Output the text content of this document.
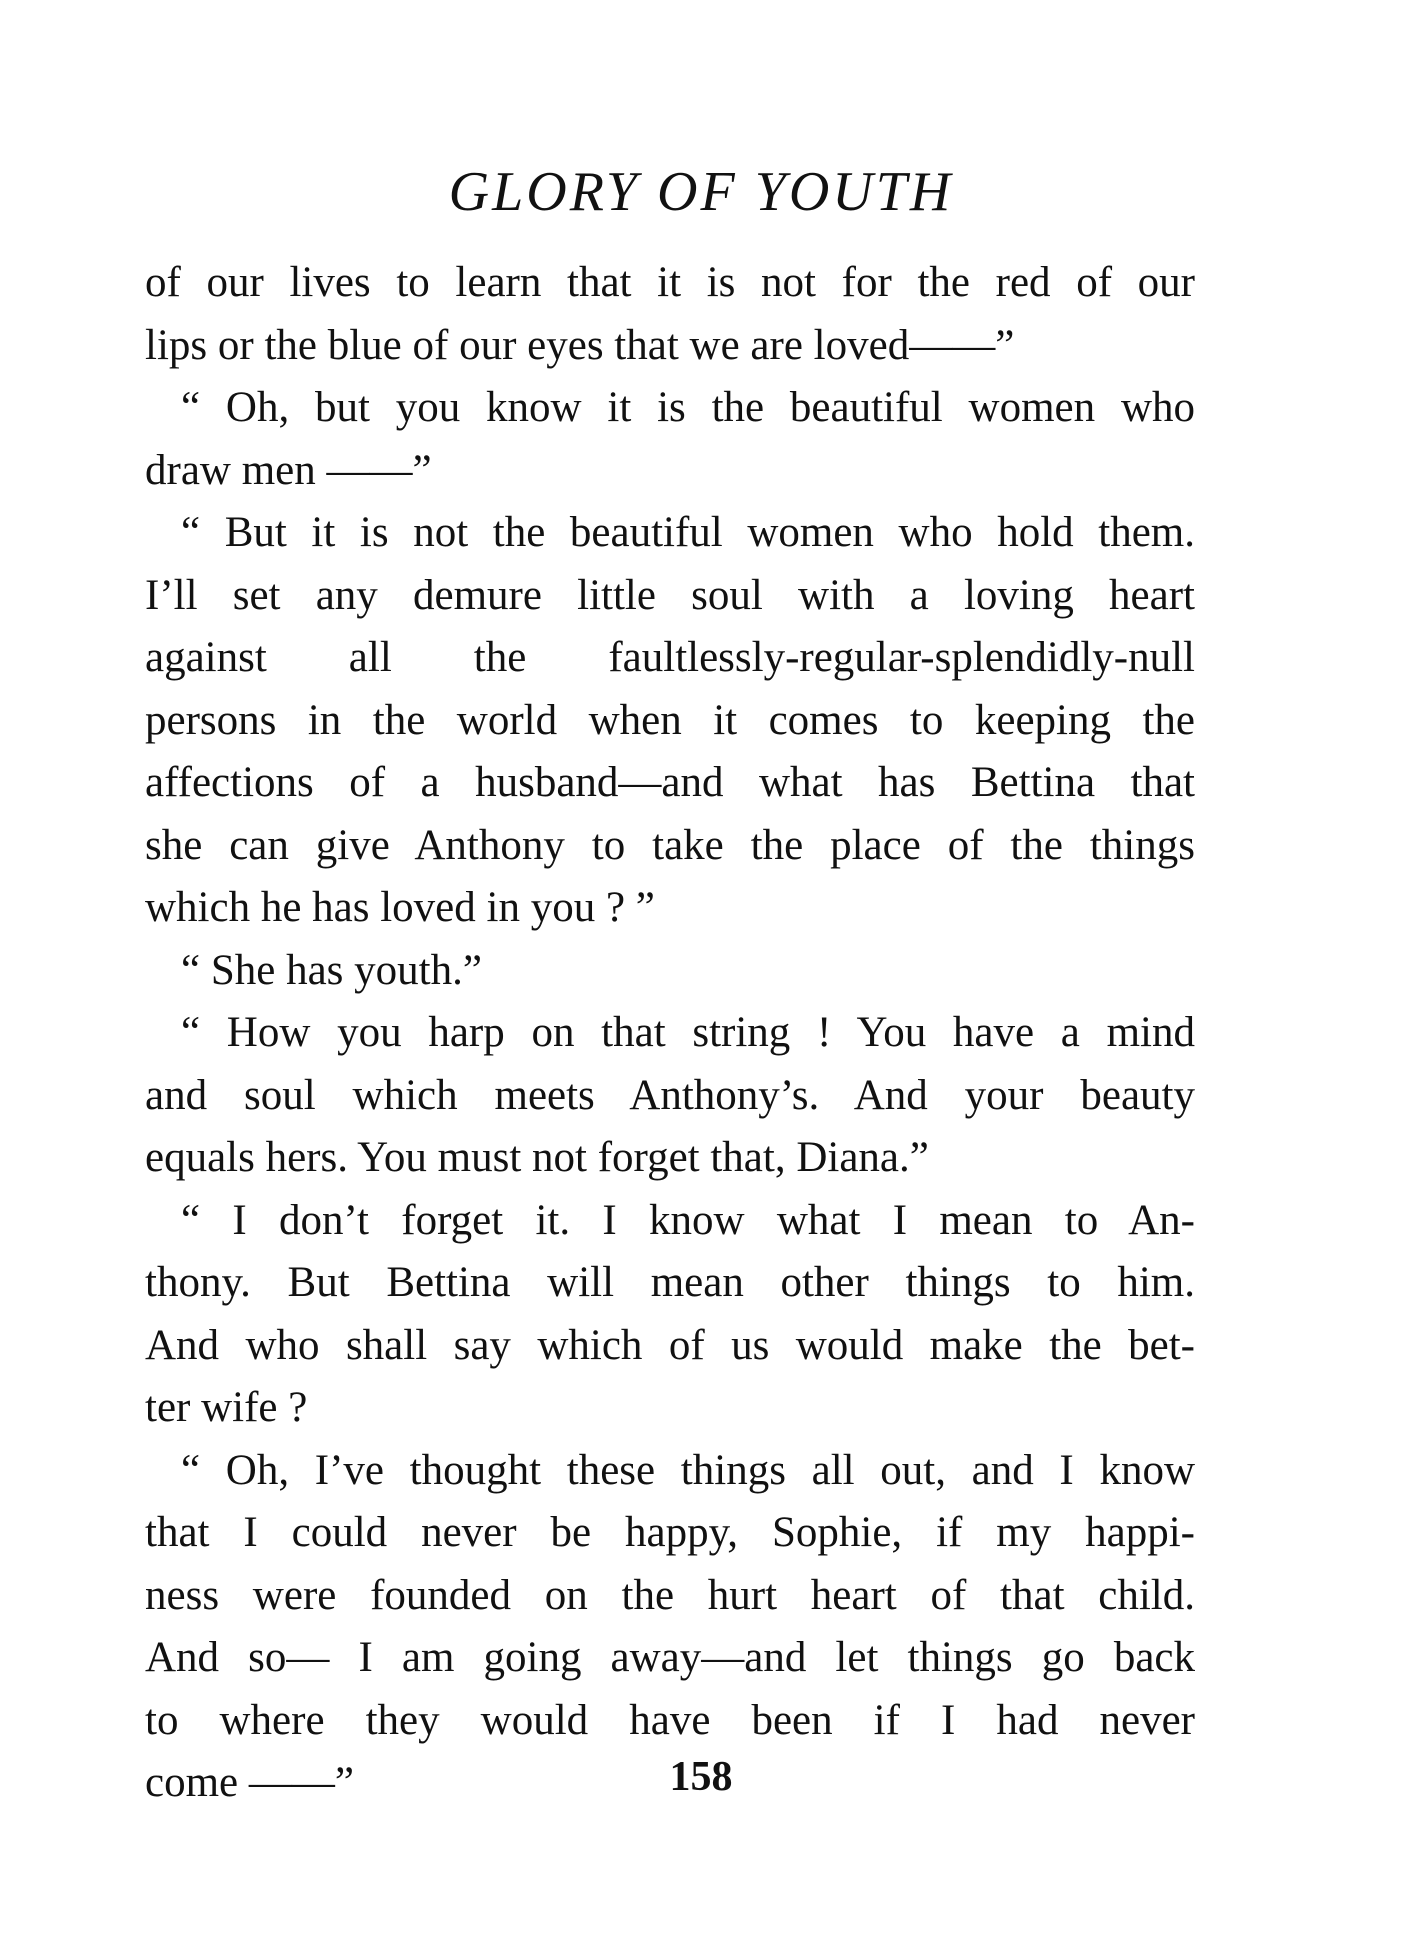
GLORY OF YOUTH
of our lives to learn that it is not for the red of our
lips or the blue of our eyes that we are loved——”
“ Oh, but you know it is the beautiful women who
draw men ——”
“ But it is not the beautiful women who hold them.
I’ll set any demure little soul with a loving heart
against all the faultlessly-regular-splendidly-null
persons in the world when it comes to keeping the
affections of a husband—and what has Bettina that
she can give Anthony to take the place of the things
which he has loved in you ? ”
“ She has youth.”
“ How you harp on that string ! You have a mind
and soul which meets Anthony’s. And your beauty
equals hers. You must not forget that, Diana.”
“ I don’t forget it. I know what I mean to An-
thony. But Bettina will mean other things to him.
And who shall say which of us would make the bet-
ter wife ?
“ Oh, I’ve thought these things all out, and I know
that I could never be happy, Sophie, if my happi-
ness were founded on the hurt heart of that child.
And so— I am going away—and let things go back
to where they would have been if I had never
come ——”	158
